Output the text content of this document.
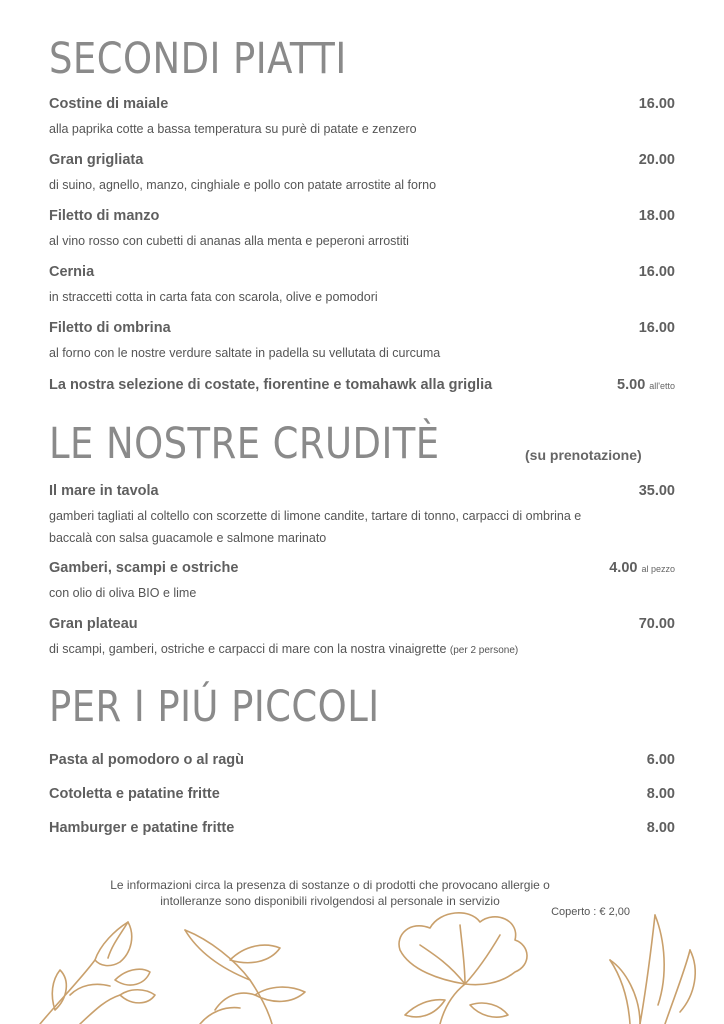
SECONDI PIATTI
Costine di maiale	16.00
alla paprika cotte a bassa temperatura su purè di patate e zenzero
Gran grigliata	20.00
di suino, agnello, manzo, cinghiale e pollo con patate arrostite al forno
Filetto di manzo	18.00
al vino rosso con cubetti di ananas alla menta e peperoni arrostiti
Cernia	16.00
in straccetti cotta in carta fata con scarola, olive e pomodori
Filetto di ombrina	16.00
al forno con le nostre verdure saltate in padella su vellutata di curcuma
La nostra selezione di costate, fiorentine e tomahawk alla griglia	5.00 all'etto
LE NOSTRE CRUDITÈ	(su prenotazione)
Il mare in tavola	35.00
gamberi tagliati al coltello con scorzette di limone candite, tartare di tonno, carpacci di ombrina e baccalà con salsa guacamole e salmone marinato
Gamberi, scampi e ostriche	4.00 al pezzo
con olio di oliva BIO e lime
Gran plateau	70.00
di scampi, gamberi, ostriche e carpacci di mare con la nostra vinaigrette (per 2 persone)
PER I PIÚ PICCOLI
Pasta al pomodoro o al ragù	6.00
Cotoletta e patatine fritte	8.00
Hamburger e patatine fritte	8.00
Le informazioni circa la presenza di sostanze o di prodotti che provocano allergie o
intolleranze sono disponibili rivolgendosi al personale in servizio
Coperto : € 2,00
